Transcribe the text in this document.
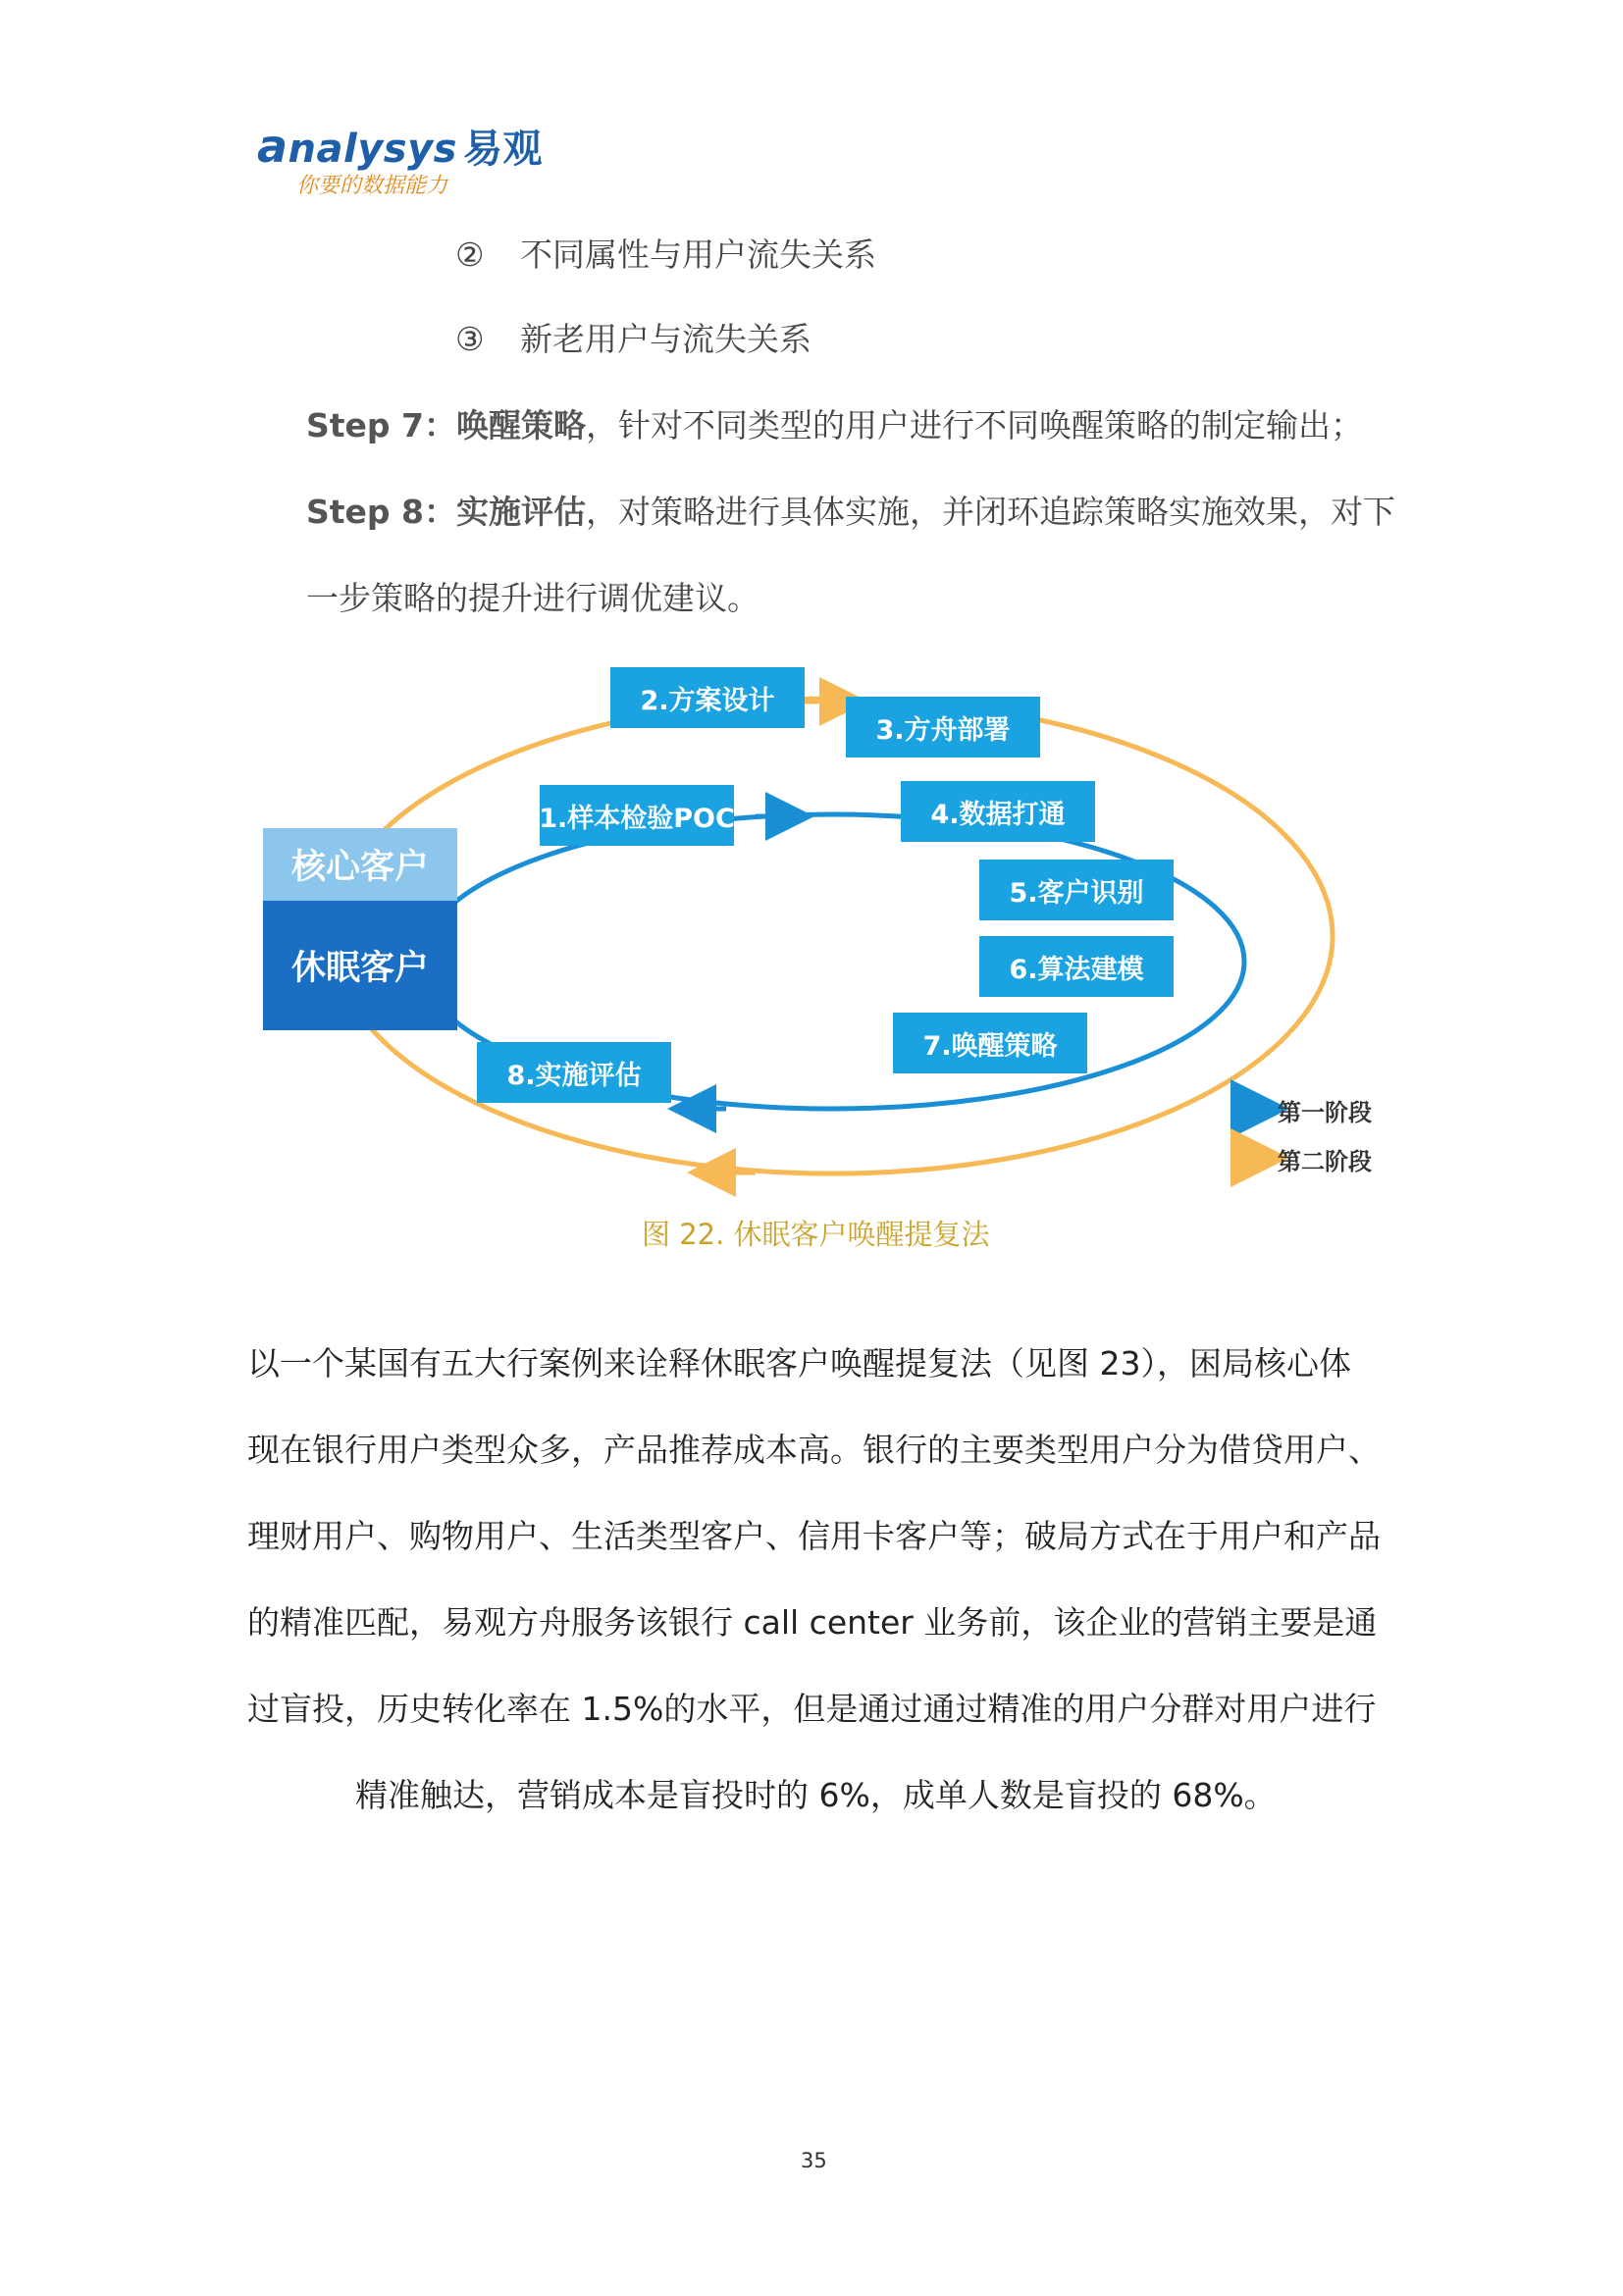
analysys 易观
你要的数据能力
② 不同属性与用户流失关系
③ 新老用户与流失关系
Step 7：唤醒策略，针对不同类型的用户进行不同唤醒策略的制定输出；
Step 8：实施评估，对策略进行具体实施，并闭环追踪策略实施效果，对下
一步策略的提升进行调优建议。
核心客户
休眠客户
1.样本检验POC
2.方案设计
3.方舟部署
4.数据打通
5.客户识别
6.算法建模
7.唤醒策略
8.实施评估
第一阶段
第二阶段
图 22. 休眠客户唤醒提复法
以一个某国有五大行案例来诠释休眠客户唤醒提复法（见图 23），困局核心体
现在银行用户类型众多，产品推荐成本高。银行的主要类型用户分为借贷用户、
理财用户、购物用户、生活类型客户、信用卡客户等；破局方式在于用户和产品
的精准匹配，易观方舟服务该银行 call center 业务前，该企业的营销主要是通
过盲投，历史转化率在 1.5%的水平，但是通过通过精准的用户分群对用户进行
精准触达，营销成本是盲投时的 6%，成单人数是盲投的 68%。
35
